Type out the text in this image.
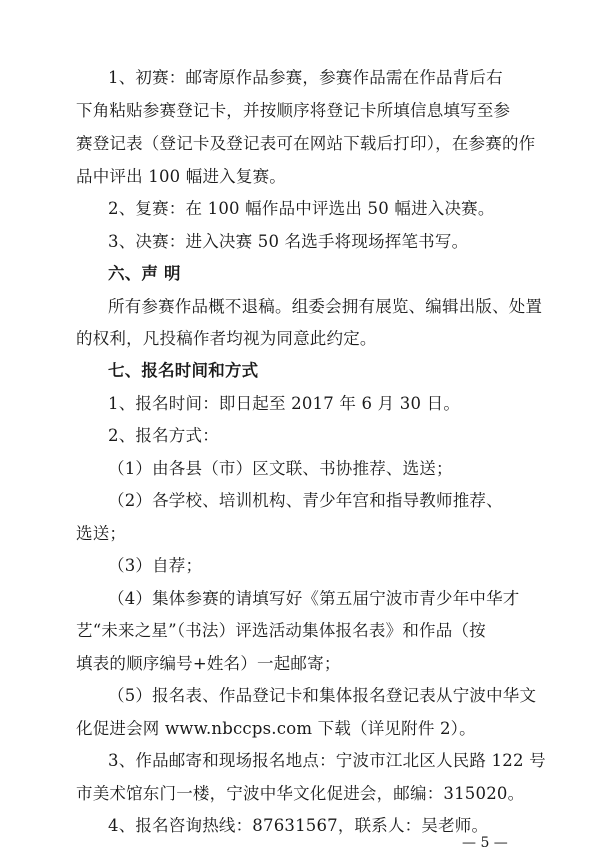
1、初赛：邮寄原作品参赛，参赛作品需在作品背后右
下角粘贴参赛登记卡，并按顺序将登记卡所填信息填写至参
赛登记表（登记卡及登记表可在网站下载后打印），在参赛的作
品中评出 100 幅进入复赛。
2、复赛：在 100 幅作品中评选出 50 幅进入决赛。
3、决赛：进入决赛 50 名选手将现场挥笔书写。
六、声 明
所有参赛作品概不退稿。组委会拥有展览、编辑出版、处置
的权利，凡投稿作者均视为同意此约定。
七、报名时间和方式
1、报名时间：即日起至 2017 年 6 月 30 日。
2、报名方式：
（1）由各县（市）区文联、书协推荐、选送；
（2）各学校、培训机构、青少年宫和指导教师推荐、
选送；
（3）自荐；
（4）集体参赛的请填写好《第五届宁波市青少年中华才
艺“未来之星”（书法）评选活动集体报名表》和作品（按
填表的顺序编号+姓名）一起邮寄；
（5）报名表、作品登记卡和集体报名登记表从宁波中华文
化促进会网 www.nbccps.com 下载（详见附件 2）。
3、作品邮寄和现场报名地点：宁波市江北区人民路 122 号
市美术馆东门一楼，宁波中华文化促进会，邮编：315020。
4、报名咨询热线：87631567，联系人：吴老师。
— 5 —
